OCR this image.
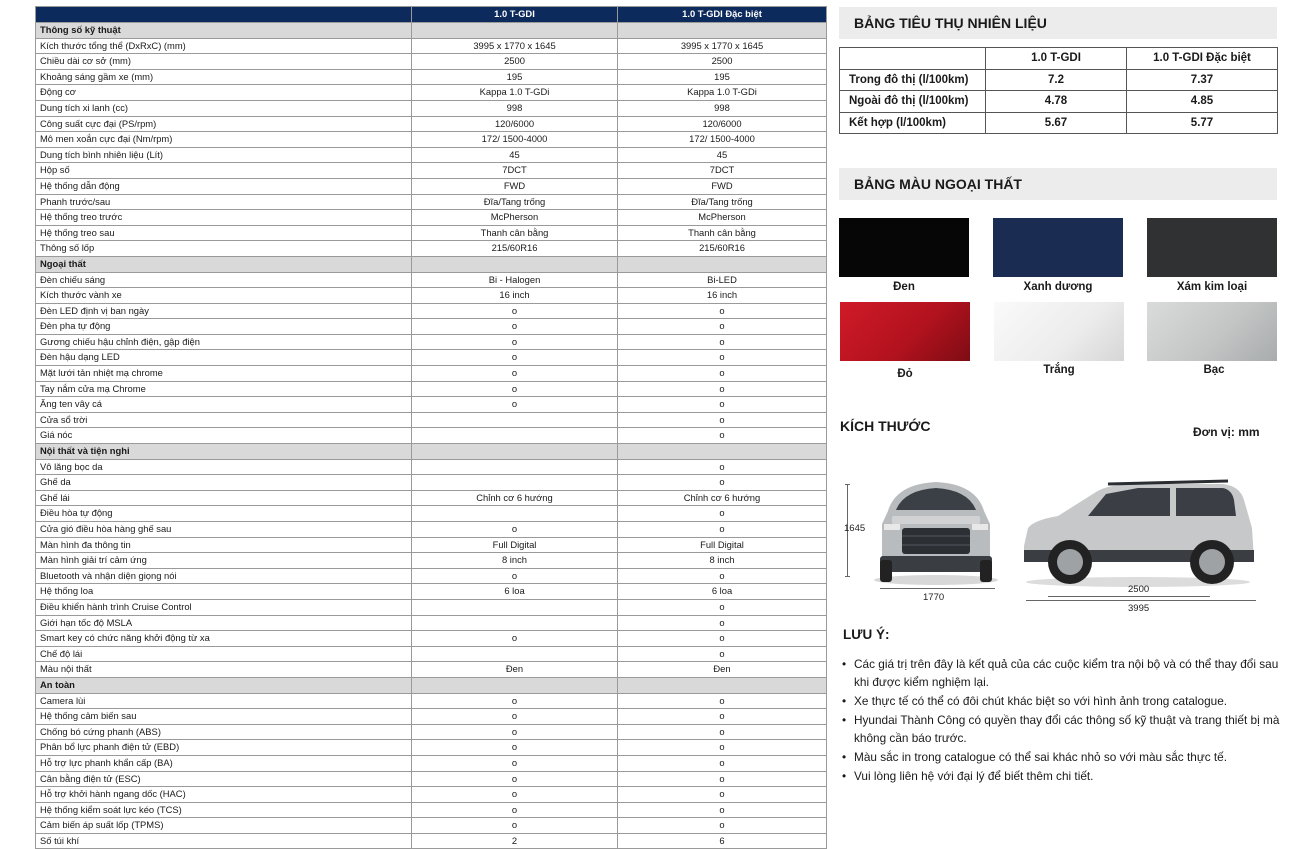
	1.0 T-GDI	1.0 T-GDI Đặc biệt
Thông số kỹ thuật		
Kích thước tổng thể (DxRxC) (mm)	3995 x 1770 x 1645	3995 x 1770 x 1645
Chiều dài cơ sở (mm)	2500	2500
Khoảng sáng gầm xe (mm)	195	195
Động cơ	Kappa 1.0 T-GDi	Kappa 1.0 T-GDi
Dung tích xi lanh (cc)	998	998
Công suất cực đại (PS/rpm)	120/6000	120/6000
Mô men xoắn cực đại (Nm/rpm)	172/ 1500-4000	172/ 1500-4000
Dung tích bình nhiên liệu (Lít)	45	45
Hộp số	7DCT	7DCT
Hệ thống dẫn động	FWD	FWD
Phanh trước/sau	Đĩa/Tang trống	Đĩa/Tang trống
Hệ thống treo trước	McPherson	McPherson
Hệ thống treo sau	Thanh cân bằng	Thanh cân bằng
Thông số lốp	215/60R16	215/60R16
Ngoại thất		
Đèn chiếu sáng	Bi - Halogen	Bi-LED
Kích thước vành xe	16 inch	16 inch
Đèn LED định vị ban ngày	o	o
Đèn pha tự động	o	o
Gương chiếu hậu chỉnh điện, gập điện	o	o
Đèn hậu dạng LED	o	o
Mặt lưới tản nhiệt mạ chrome	o	o
Tay nắm cửa mạ Chrome	o	o
Ăng ten vây cá	o	o
Cửa sổ trời		o
Giá nóc		o
Nội thất và tiện nghi		
Vô lăng bọc da		o
Ghế da		o
Ghế lái	Chỉnh cơ 6 hướng	Chỉnh cơ 6 hướng
Điều hòa tự động		o
Cửa gió điều hòa hàng ghế sau	o	o
Màn hình đa thông tin	Full Digital	Full Digital
Màn hình giải trí cảm ứng	8 inch	8 inch
Bluetooth và nhận diện giọng nói	o	o
Hệ thống loa	6 loa	6 loa
Điều khiển hành trình Cruise Control		o
Giới hạn tốc độ MSLA		o
Smart key có chức năng khởi động từ xa	o	o
Chế độ lái		o
Màu nội thất	Đen	Đen
An toàn		
Camera lùi	o	o
Hệ thống cảm biến sau	o	o
Chống bó cứng phanh (ABS)	o	o
Phân bổ lực phanh điện tử (EBD)	o	o
Hỗ trợ lực phanh khẩn cấp (BA)	o	o
Cân bằng điện tử (ESC)	o	o
Hỗ trợ khởi hành ngang dốc (HAC)	o	o
Hệ thống kiểm soát lực kéo (TCS)	o	o
Cảm biến áp suất lốp (TPMS)	o	o
Số túi khí	2	6
BẢNG TIÊU THỤ NHIÊN LIỆU
	1.0 T-GDI	1.0 T-GDI Đặc biệt
Trong đô thị (l/100km)	7.2	7.37
Ngoài đô thị (l/100km)	4.78	4.85
Kết hợp (l/100km)	5.67	5.77
BẢNG MÀU NGOẠI THẤT
Đen	Xanh dương	Xám kim loại
Đỏ	Trắng	Bạc
KÍCH THƯỚC	Đơn vị: mm
1645
1770
2500
3995
LƯU Ý:
• Các giá trị trên đây là kết quả của các cuộc kiểm tra nội bộ và có thể thay đổi sau khi được kiểm nghiệm lại.
• Xe thực tế có thể có đôi chút khác biệt so với hình ảnh trong catalogue.
• Hyundai Thành Công có quyền thay đổi các thông số kỹ thuật và trang thiết bị mà không cần báo trước.
• Màu sắc in trong catalogue có thể sai khác nhỏ so với màu sắc thực tế.
• Vui lòng liên hệ với đại lý để biết thêm chi tiết.
